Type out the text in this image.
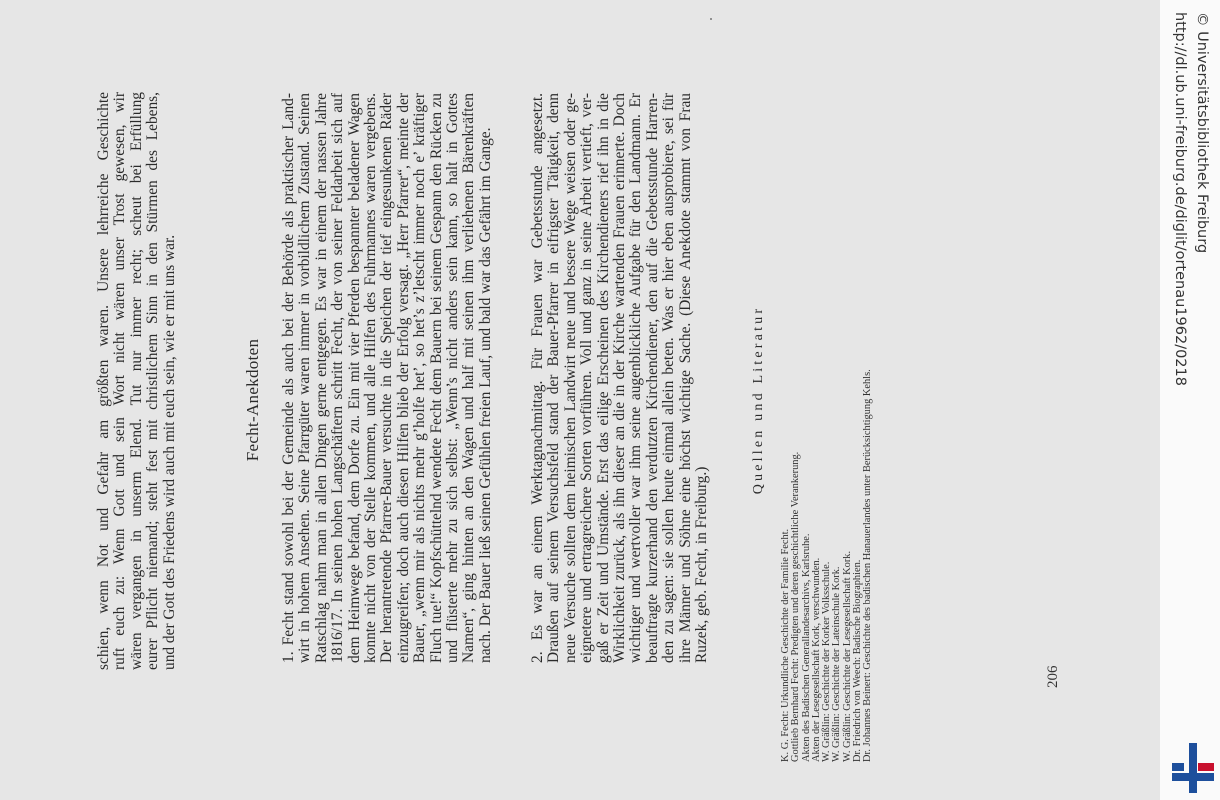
schien, wenn Not und Gefahr am größten waren. Unsere lehrreiche Geschichte ruft euch zu: Wenn Gott und sein Wort nicht wären unser Trost gewesen, wir wären vergangen in unserm Elend. Tut nur immer recht; scheut bei Erfüllung eurer Pflicht niemand; steht fest mit christlichem Sinn in den Stürmen des Lebens, und der Gott des Friedens wird auch mit euch sein, wie er mit uns war.	Fecht-Anekdoten 1. Fecht stand sowohl bei der Gemeinde als auch bei der Behörde als praktischer Land- wirt in hohem Ansehen. Seine Pfarrgüter waren immer in vorbildlichem Zustand. Seinen Ratschlag nahm man in allen Dingen gerne entgegen. Es war in einem der nassen Jahre 1816/17. In seinen hohen Langschäftern schritt Fecht, der von seiner Feldarbeit sich auf dem Heimwege befand, dem Dorfe zu. Ein mit vier Pferden bespannter beladener Wagen konnte nicht von der Stelle kommen, und alle Hilfen des Fuhrmannes waren vergebens. Der herantretende Pfarrer-Bauer versuchte in die Speichen der tief eingesunkenen Räder einzugreifen; doch auch diesen Hilfen blieb der Erfolg versagt. „Herr Pfarrer“, meinte der Bauer, „wenn mir als nichts mehr g’holfe het’, so het’s z’letscht immer noch e’ kräftiger Fluch tue!“ Kopfschüttelnd wendete Fecht dem Bauern bei seinem Gespann den Rücken zu und flüsterte mehr zu sich selbst: „Wenn’s nicht anders sein kann, so halt in Gottes Namen“, ging hinten an den Wagen und half mit seinen ihm verliehenen Bärenkräften nach. Der Bauer ließ seinen Gefühlen freien Lauf, und bald war das Gefährt im Gange. 2. Es war an einem Werktagnachmittag. Für Frauen war Gebetsstunde angesetzt. Draußen auf seinem Versuchsfeld stand der Bauer-Pfarrer in eifrigster Tätigkeit, denn neue Versuche sollten dem heimischen Landwirt neue und bessere Wege weisen oder ge- eignetere und ertragreichere Sorten vorführen. Voll und ganz in seine Arbeit vertieft, ver- gaß er Zeit und Umstände. Erst das eilige Erscheinen des Kirchendieners rief ihn in die Wirklichkeit zurück, als ihn dieser an die in der Kirche wartenden Frauen erinnerte. Doch wichtiger und wertvoller war ihm seine augenblickliche Aufgabe für den Landmann. Er beauftragte kurzerhand den verdutzten Kirchendiener, den auf die Gebetsstunde Harren- den zu sagen: sie sollen heute einmal allein beten. Was er hier eben ausprobiere, sei für ihre Männer und Söhne eine höchst wichtige Sache. (Diese Anekdote stammt von Frau Ruzek, geb. Fecht, in Freiburg.)

Quellen und Literatur
K. G. Fecht: Urkundliche Geschichte der Familie Fecht. Gottlieb Bernhard Fecht: Predigten und deren geschichtliche Verankerung. Akten des Badischen Generallandesarchivs, Karlsruhe. Akten der Lesegesellschaft Kork, verschwunden. W. Gräßlin: Geschichte der Korker Volksschule. W. Gräßlin: Geschichte der Lateinschule Kork. W. Gräßlin: Geschichte der Lesegesellschaft Kork. Dr. Friedrich von Weech: Badische Biographien. Dr. Johannes Beinert: Geschichte des badischen Hanauerlandes unter Berücksichtigung Kehls.	206
http://dl.ub.uni-freiburg.de/diglit/ortenau1962/0218 © Universitätsbibliothek Freiburg
